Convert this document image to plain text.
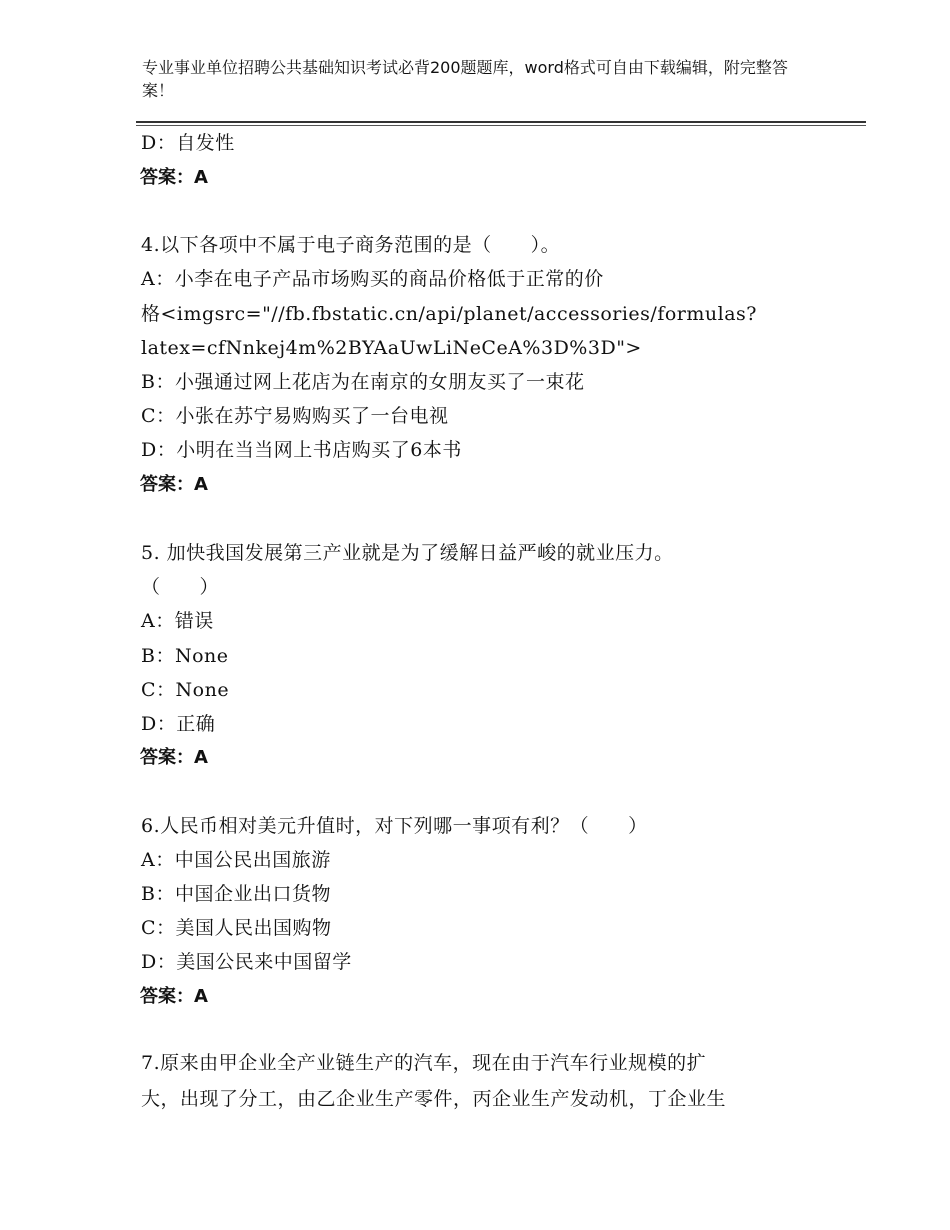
专业事业单位招聘公共基础知识考试必背200题题库，word格式可自由下载编辑，附完整答案！
D：自发性
答案：A
4.以下各项中不属于电子商务范围的是（　　）。
A：小李在电子产品市场购买的商品价格低于正常的价
格<imgsrc="//fb.fbstatic.cn/api/planet/accessories/formulas?
latex=cfNnkej4m%2BYAaUwLiNeCeA%3D%3D">
B：小强通过网上花店为在南京的女朋友买了一束花
C：小张在苏宁易购购买了一台电视
D：小明在当当网上书店购买了6本书
答案：A
5. 加快我国发展第三产业就是为了缓解日益严峻的就业压力。
（　　）
A：错误
B：None
C：None
D：正确
答案：A
6.人民币相对美元升值时，对下列哪一事项有利？（　　）
A：中国公民出国旅游
B：中国企业出口货物
C：美国人民出国购物
D：美国公民来中国留学
答案：A
7.原来由甲企业全产业链生产的汽车，现在由于汽车行业规模的扩
大，出现了分工，由乙企业生产零件，丙企业生产发动机，丁企业生
